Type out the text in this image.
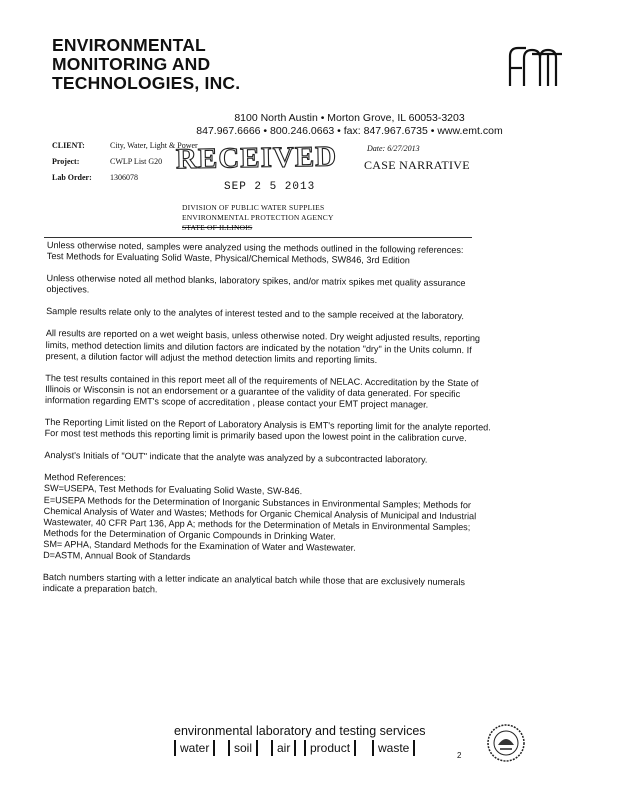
ENVIRONMENTAL
MONITORING AND
TECHNOLOGIES, INC.
8100 North Austin • Morton Grove, IL 60053-3203
847.967.6666 • 800.246.0663 • fax: 847.967.6735 • www.emt.com
CLIENT:	City, Water, Light & Power
Project:	CWLP List G20
Lab Order: 1306078
Date: 6/27/2013
CASE NARRATIVE
RECEIVED
SEP 2 5 2013
DIVISION OF PUBLIC WATER SUPPLIES
ENVIRONMENTAL PROTECTION AGENCY
STATE OF ILLINOIS

Unless otherwise noted, samples were analyzed using the methods outlined in the following references:

Test Methods for Evaluating Solid Waste, Physical/Chemical Methods, SW846, 3rd Edition

Unless otherwise noted all method blanks, laboratory spikes, and/or matrix spikes met quality assurance objectives.

Sample results relate only to the analytes of interest tested and to the sample received at the laboratory.

All results are reported on a wet weight basis, unless otherwise noted. Dry weight adjusted results, reporting limits, method detection limits and dilution factors are indicated by the notation "dry" in the Units column. If present, a dilution factor will adjust the method detection limits and reporting limits.

The test results contained in this report meet all of the requirements of NELAC. Accreditation by the State of Illinois or Wisconsin is not an endorsement or a guarantee of the validity of data generated. For specific information regarding EMT's scope of accreditation , please contact your EMT project manager.

The Reporting Limit listed on the Report of Laboratory Analysis is EMT's reporting limit for the analyte reported. For most test methods this reporting limit is primarily based upon the lowest point in the calibration curve.

Analyst's Initials of "OUT" indicate that the analyte was analyzed by a subcontracted laboratory.

Method References:

SW=USEPA, Test Methods for Evaluating Solid Waste, SW-846.

E=USEPA Methods for the Determination of Inorganic Substances in Environmental Samples; Methods for Chemical Analysis of Water and Wastes; Methods for Organic Chemical Analysis of Municipal and Industrial Wastewater, 40 CFR Part 136, App A; methods for the Determination of Metals in Environmental Samples; Methods for the Determination of Organic Compounds in Drinking Water.

SM= APHA, Standard Methods for the Examination of Water and Wastewater.

D=ASTM, Annual Book of Standards

Batch numbers starting with a letter indicate an analytical batch while those that are exclusively numerals indicate a preparation batch.

environmental laboratory and testing services
water	soil	air	product	waste
2
